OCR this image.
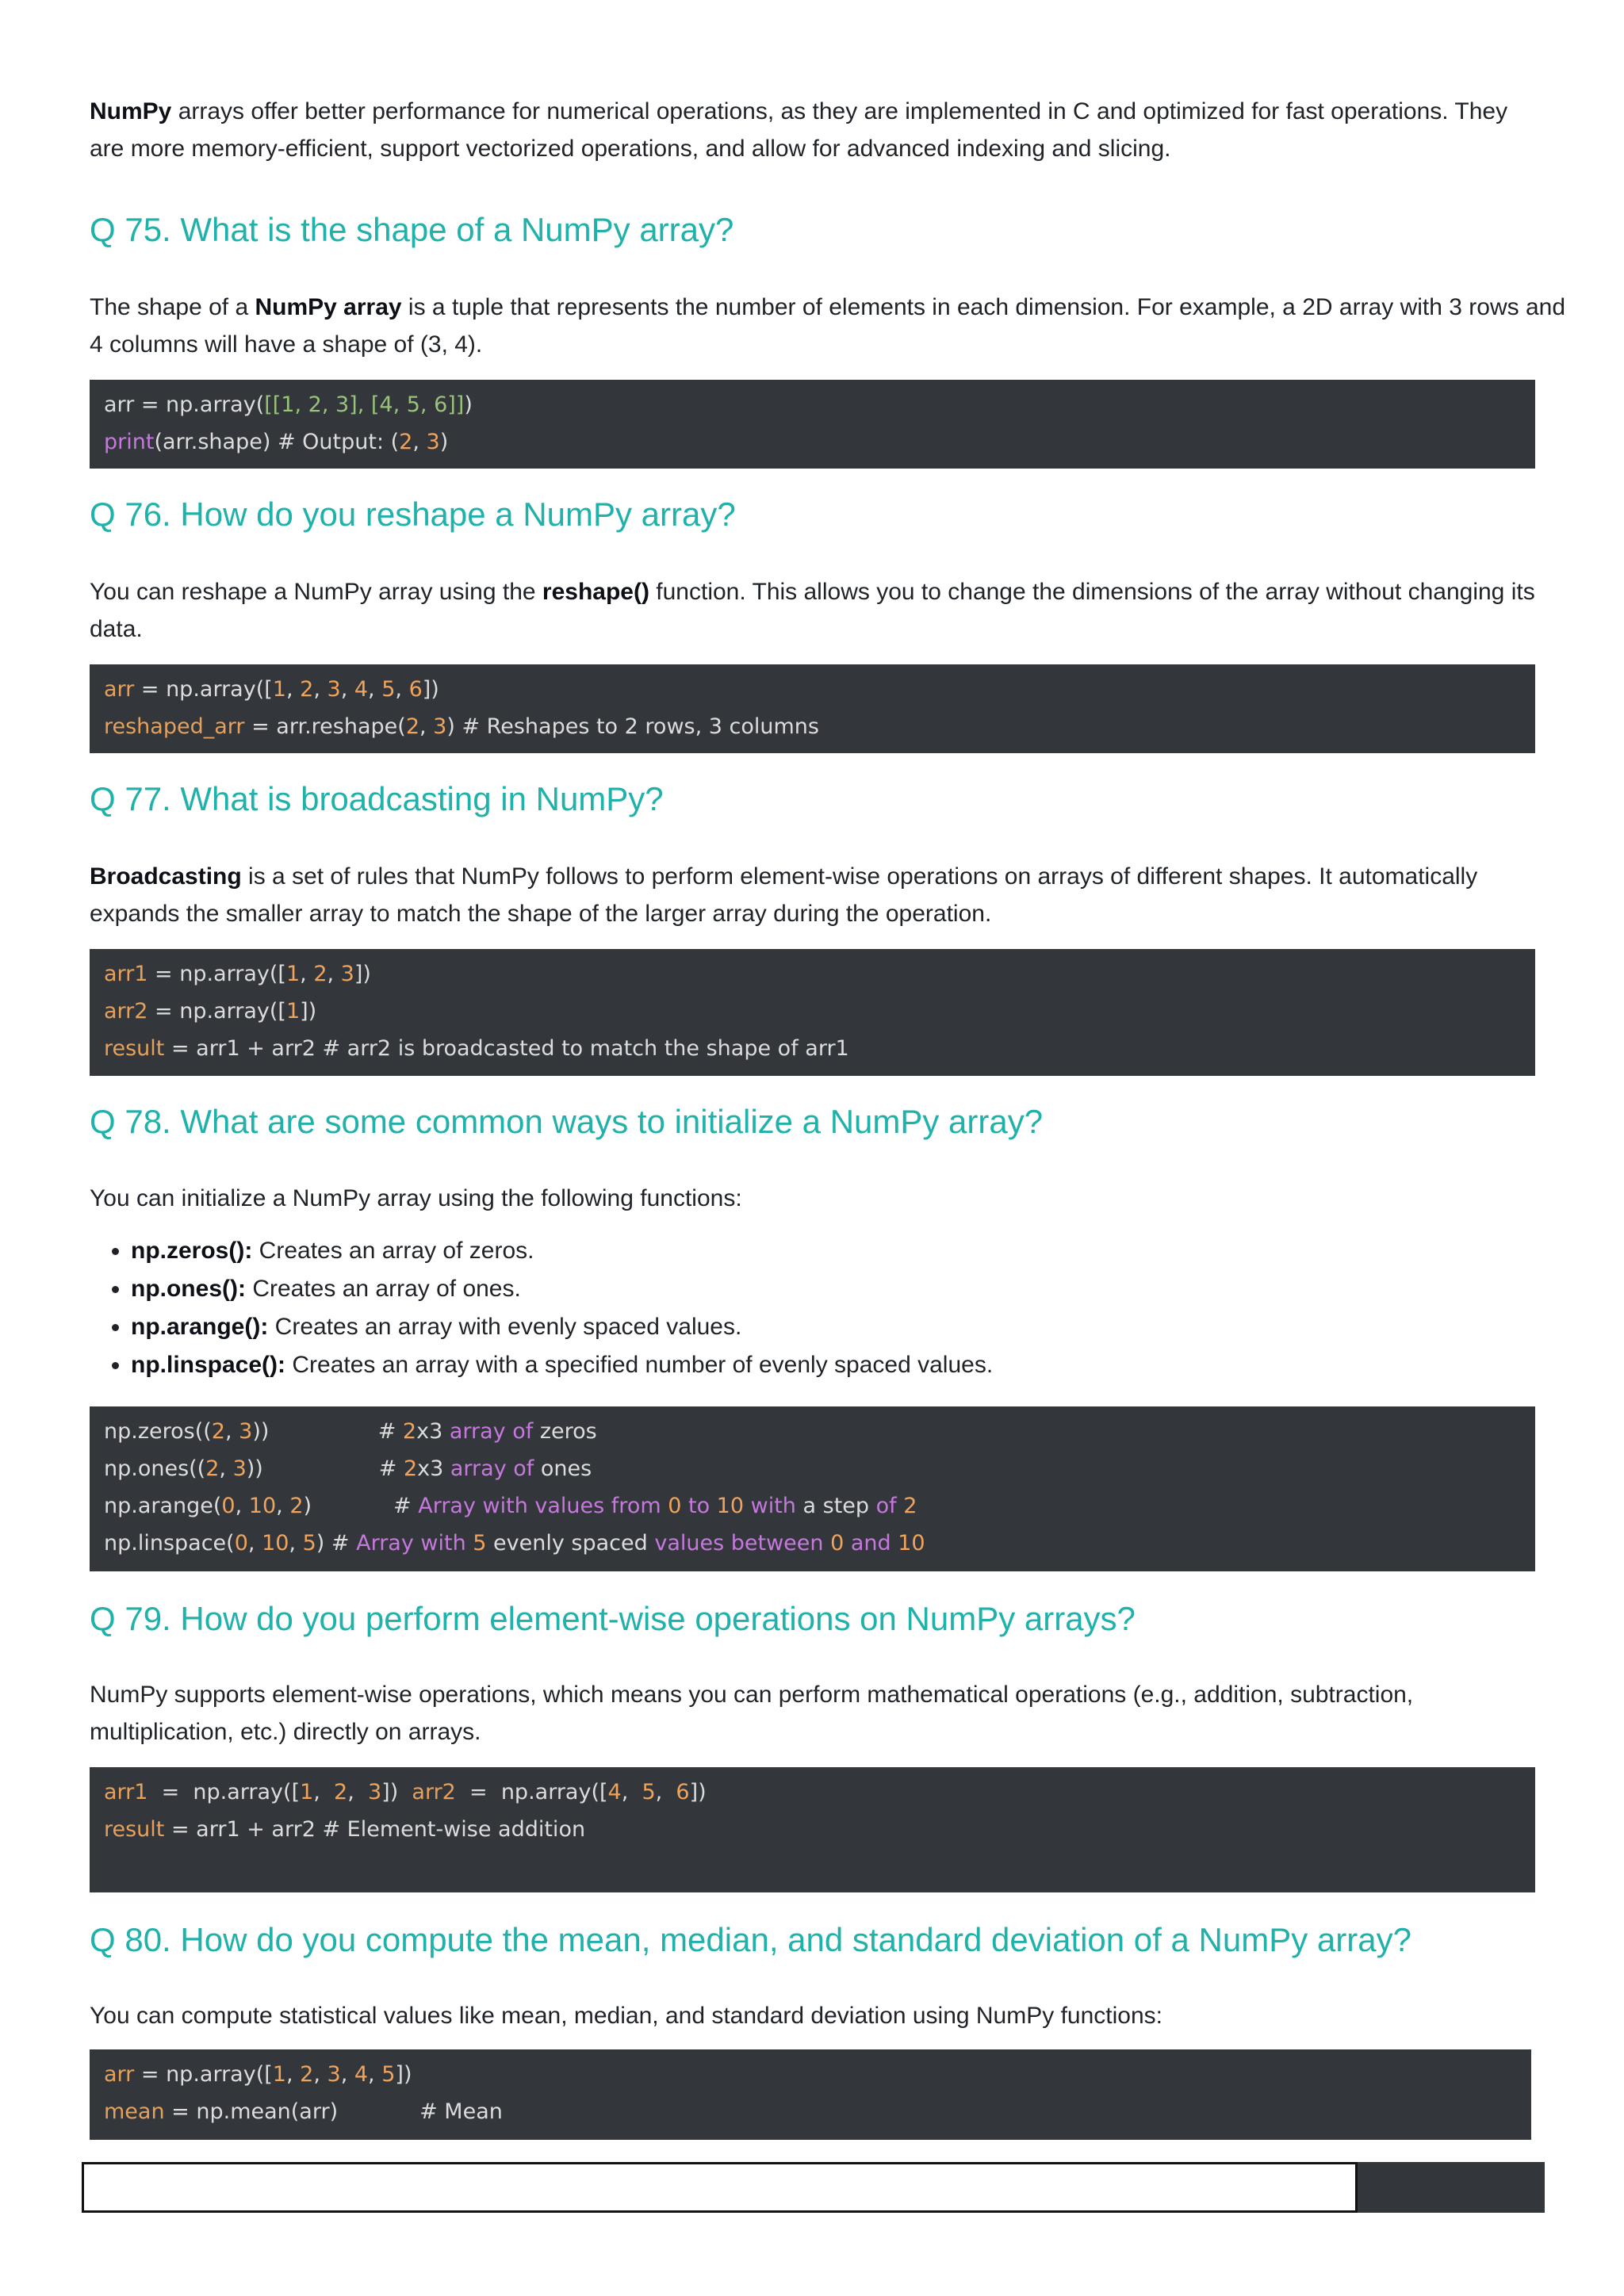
NumPy arrays offer better performance for numerical operations, as they are implemented in C and optimized for fast operations. They

are more memory-efficient, support vectorized operations, and allow for advanced indexing and slicing.

Q 75. What is the shape of a NumPy array?

The shape of a NumPy array is a tuple that represents the number of elements in each dimension. For example, a 2D array with 3 rows and

4 columns will have a shape of (3, 4).

arr = np.array([[1, 2, 3], [4, 5, 6]])
print(arr.shape) # Output: (2, 3)
Q 76. How do you reshape a NumPy array?

You can reshape a NumPy array using the reshape() function. This allows you to change the dimensions of the array without changing its

data.

arr = np.array([1, 2, 3, 4, 5, 6])
reshaped_arr = arr.reshape(2, 3) # Reshapes to 2 rows, 3 columns
Q 77. What is broadcasting in NumPy?

Broadcasting is a set of rules that NumPy follows to perform element-wise operations on arrays of different shapes. It automatically

expands the smaller array to match the shape of the larger array during the operation.

arr1 = np.array([1, 2, 3])
arr2 = np.array([1])
result = arr1 + arr2 # arr2 is broadcasted to match the shape of arr1
Q 78. What are some common ways to initialize a NumPy array?

You can initialize a NumPy array using the following functions:

• np.zeros(): Creates an array of zeros.
• np.ones(): Creates an array of ones.
• np.arange(): Creates an array with evenly spaced values.
• np.linspace(): Creates an array with a specified number of evenly spaced values.
np.zeros((2, 3))                # 2x3 array of zeros
np.ones((2, 3))                 # 2x3 array of ones
np.arange(0, 10, 2)            # Array with values from 0 to 10 with a step of 2
np.linspace(0, 10, 5) # Array with 5 evenly spaced values between 0 and 10
Q 79. How do you perform element-wise operations on NumPy arrays?

NumPy supports element-wise operations, which means you can perform mathematical operations (e.g., addition, subtraction,

multiplication, etc.) directly on arrays.

arr1  =  np.array([1,  2,  3])  arr2  =  np.array([4,  5,  6])
result = arr1 + arr2 # Element-wise addition
Q 80. How do you compute the mean, median, and standard deviation of a NumPy array?

You can compute statistical values like mean, median, and standard deviation using NumPy functions:

arr = np.array([1, 2, 3, 4, 5])
mean = np.mean(arr)            # Mean
